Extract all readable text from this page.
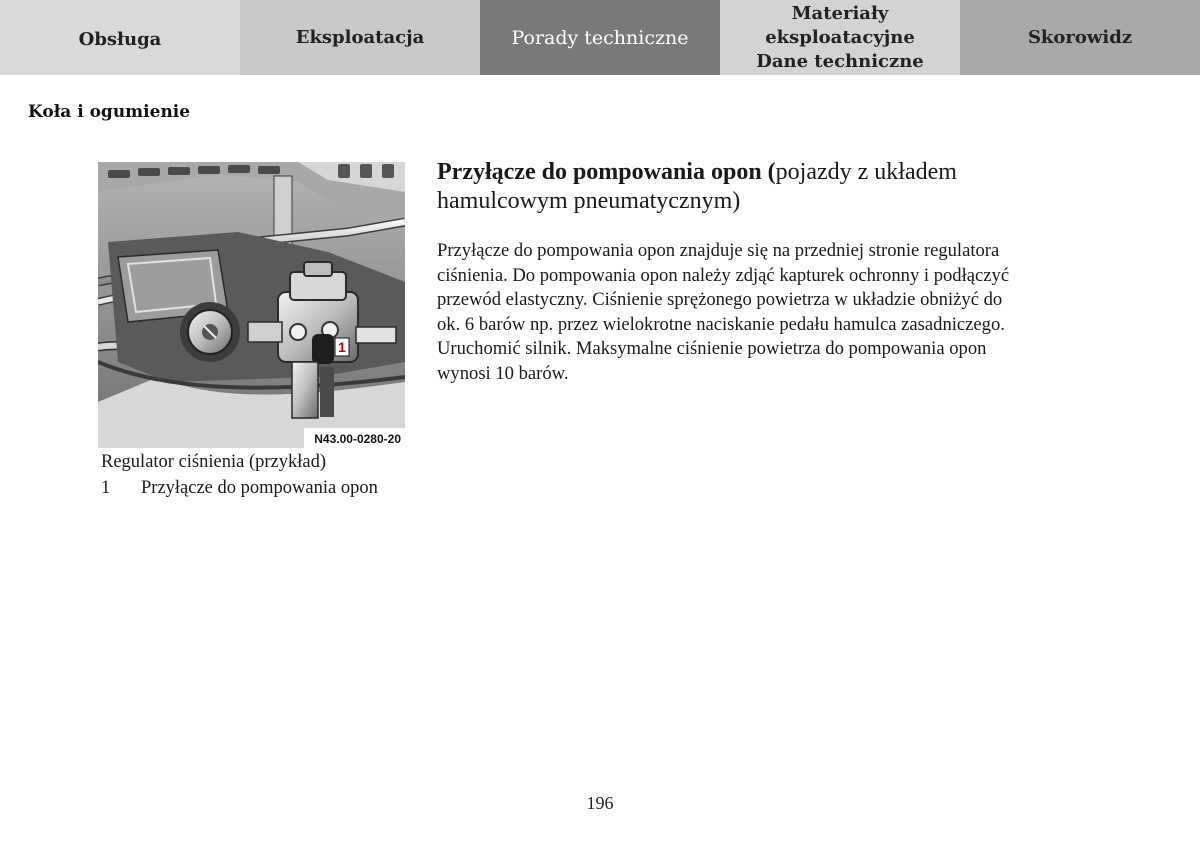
Obsługa	Eksploatacja	Porady techniczne
Materiały eksploatacyjne
Dane techniczne
Skorowidz
Koła i ogumienie
1
N43.00-0280-20
Regulator ciśnienia (przykład)
1	Przyłącze do pompowania opon
Przyłącze do pompowania opon (pojazdy z układem hamulcowym pneumatycznym)
Przyłącze do pompowania opon znajduje się na przedniej stronie regulatora
ciśnienia. Do pompowania opon należy zdjąć kapturek ochronny i podłączyć
przewód elastyczny. Ciśnienie sprężonego powietrza w układzie obniżyć do
ok. 6 barów np. przez wielokrotne naciskanie pedału hamulca zasadniczego.
Uruchomić silnik. Maksymalne ciśnienie powietrza do pompowania opon
wynosi 10 barów.
196
